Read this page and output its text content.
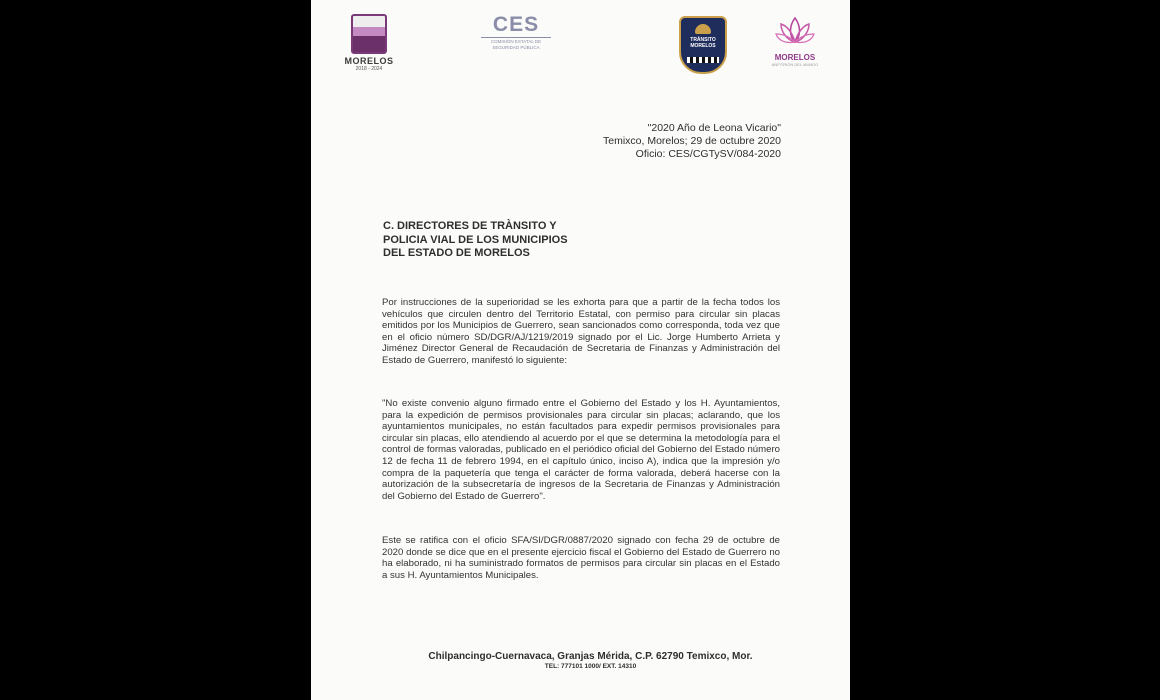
MORELOS
2018 - 2024
CES
COMISIÓN ESTATAL DE SEGURIDAD PÚBLICA
TRÁNSITO
MORELOS
MORELOS
ANFITRIÓN DEL MUNDO
"2020 Año de Leona Vicario"
Temixco, Morelos; 29 de octubre 2020
Oficio: CES/CGTySV/084-2020
C. DIRECTORES DE TRÀNSITO Y
POLICIA VIAL DE LOS MUNICIPIOS
DEL ESTADO DE MORELOS

Por instrucciones de la superioridad se les exhorta para que a partir de la fecha todos los vehículos que circulen dentro del Territorio Estatal, con permiso para circular sin placas emitidos por los Municipios de Guerrero, sean sancionados como corresponda, toda vez que en el oficio número SD/DGR/AJ/1219/2019 signado por el Lic. Jorge Humberto Arrieta y Jiménez Director General de Recaudación de Secretaria de Finanzas y Administración del Estado de Guerrero, manifestó lo siguiente:

"No existe convenio alguno firmado entre el Gobierno del Estado y los H. Ayuntamientos, para la expedición de permisos provisionales para circular sin placas; aclarando, que los ayuntamientos municipales, no están facultados para expedir permisos provisionales para circular sin placas, ello atendiendo al acuerdo por el que se determina la metodología para el control de formas valoradas, publicado en el periódico oficial del Gobierno del Estado número 12 de fecha 11 de febrero 1994, en el capítulo único, inciso A), indica que la impresión y/o compra de la paquetería que tenga el carácter de forma valorada, deberá hacerse con la autorización de la subsecretaría de ingresos de la Secretaria de Finanzas y Administración del Gobierno del Estado de Guerrero".

Este se ratifica con el oficio SFA/SI/DGR/0887/2020 signado con fecha 29 de octubre de 2020 donde se dice que en el presente ejercicio fiscal el Gobierno del Estado de Guerrero no ha elaborado, ni ha suministrado formatos de permisos para circular sin placas en el Estado a sus H. Ayuntamientos Municipales.

Chilpancingo-Cuernavaca, Granjas Mérida, C.P. 62790 Temixco, Mor.
TEL: 777101 1000/ EXT. 14310
